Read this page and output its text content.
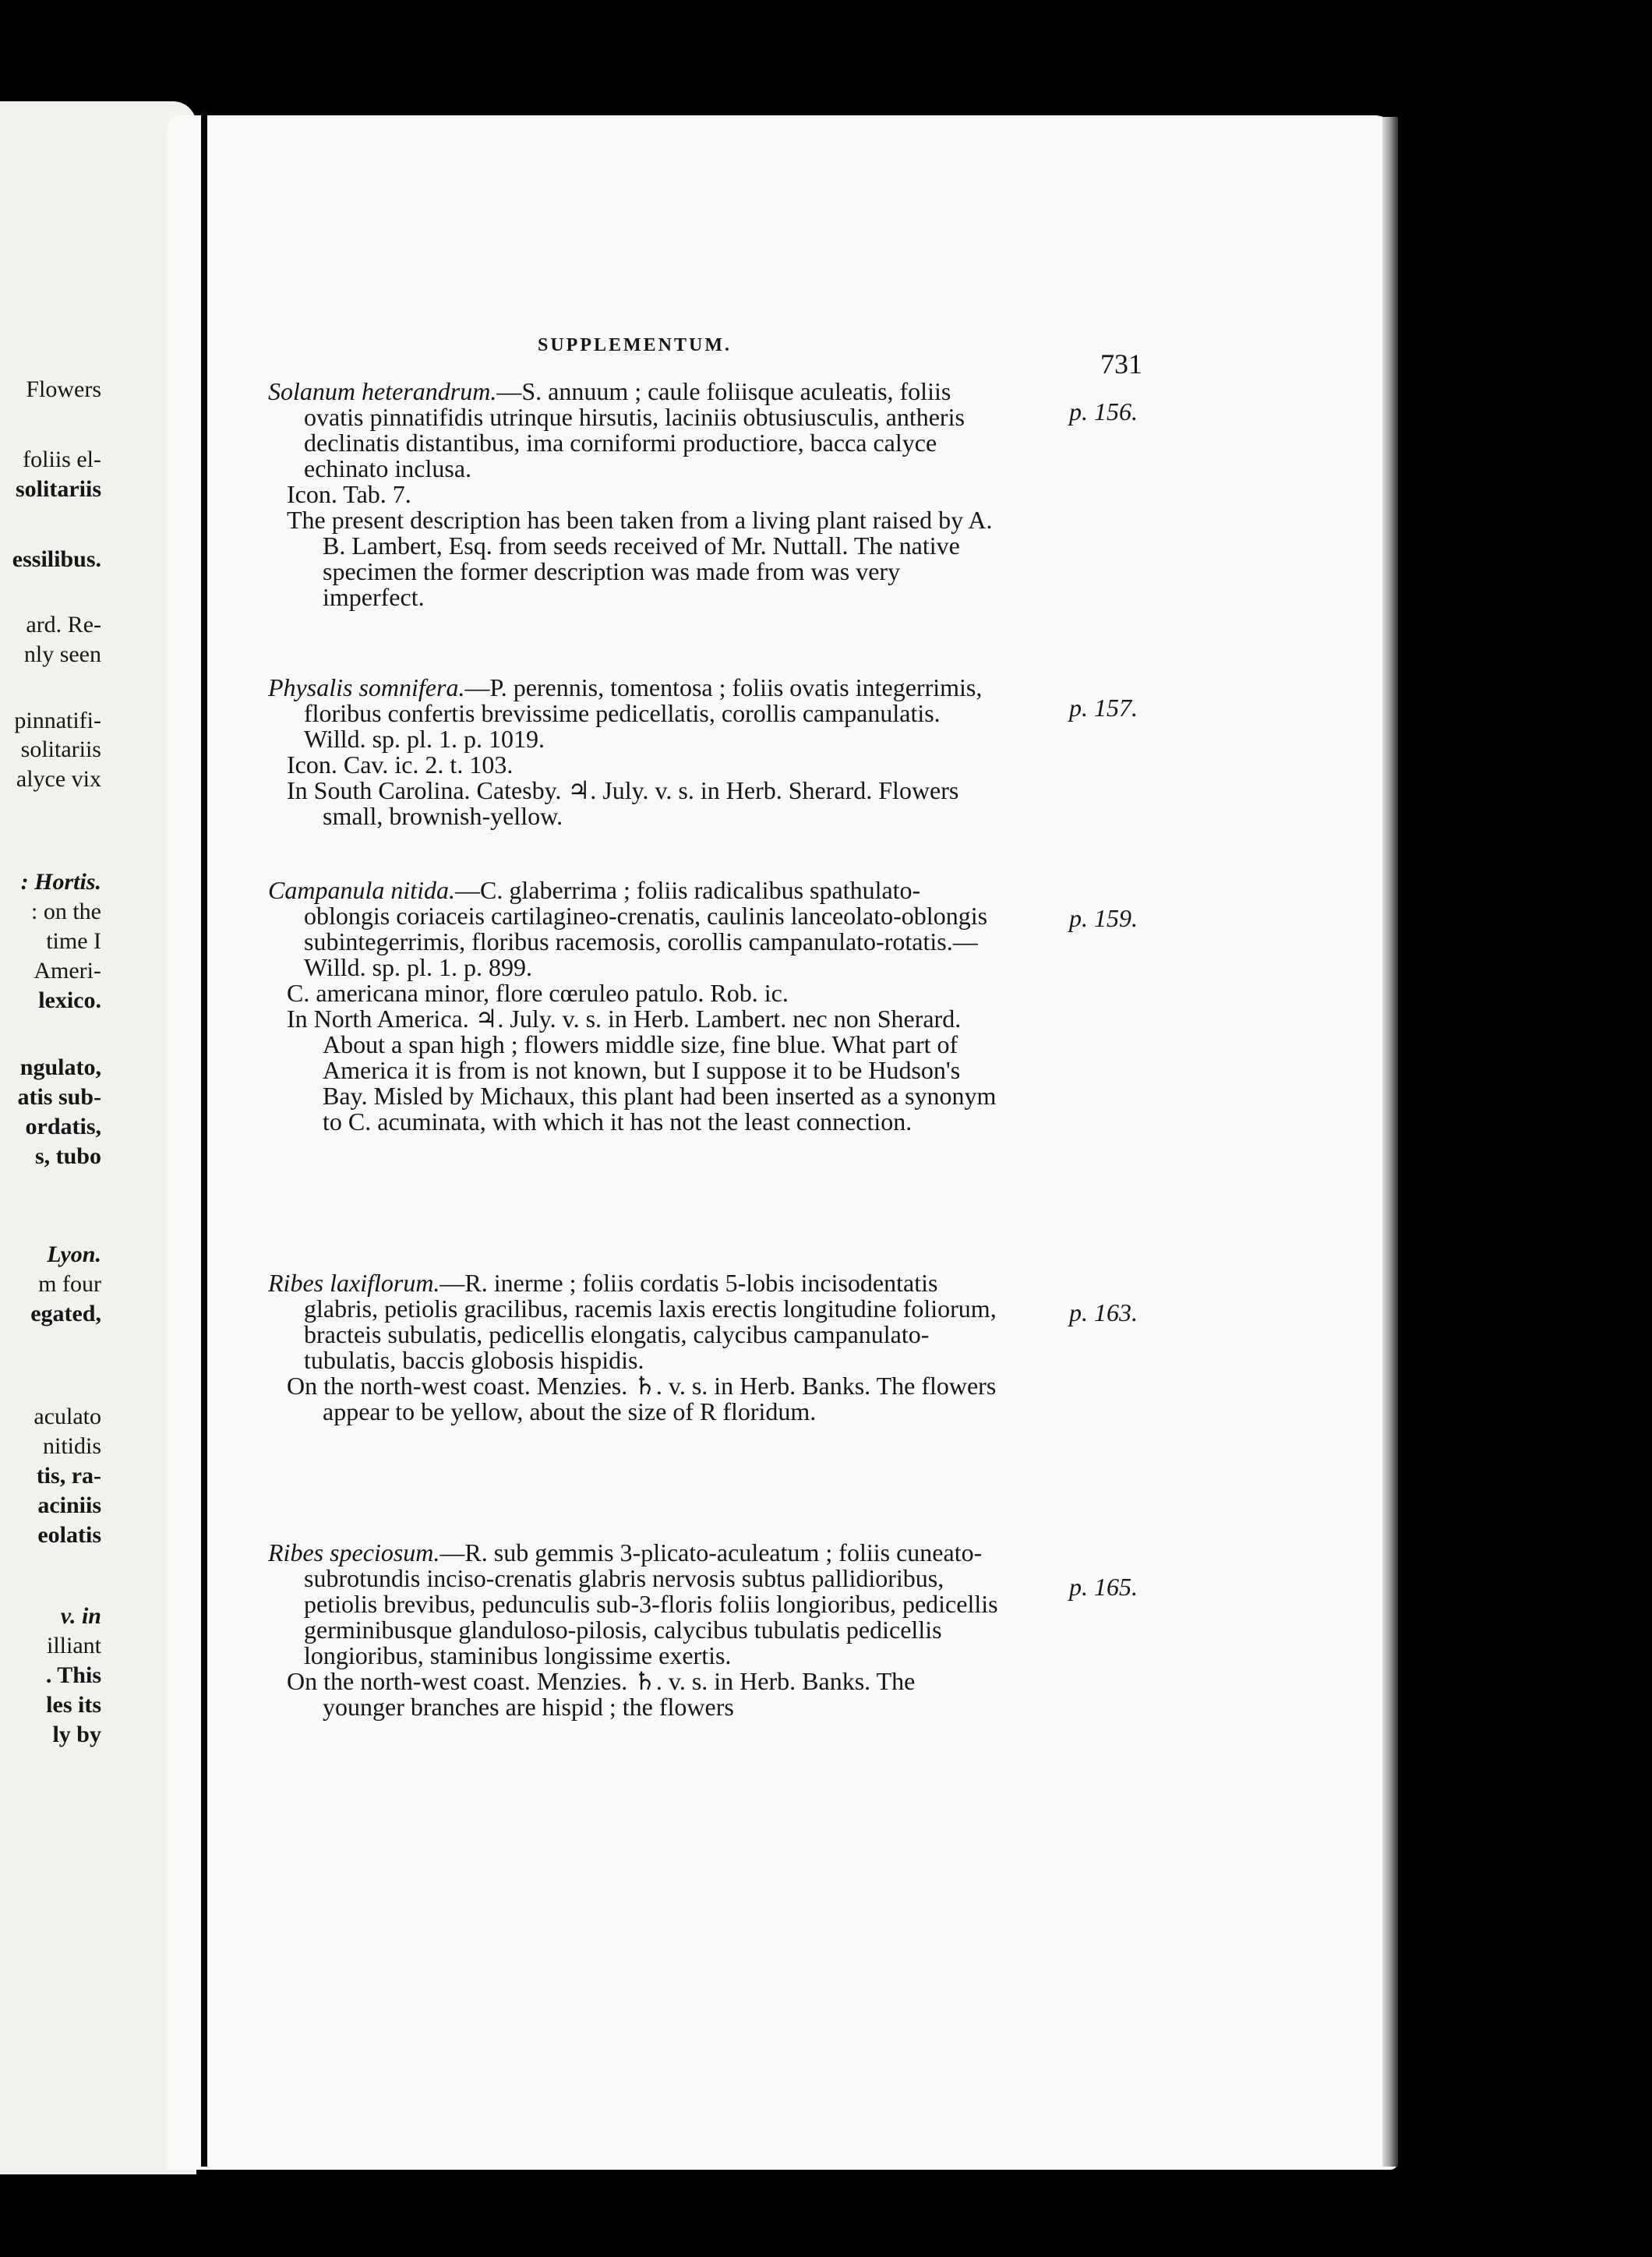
Flowers
foliis el-
solitariis
essilibus.
ard. Re-
nly seen
pinnatifi-
solitariis
alyce vix
: Hortis.
: on the
time I
Ameri-
lexico.
ngulato,
atis sub-
ordatis,
s, tubo
Lyon.
m four
egated,
aculato
nitidis
tis, ra-
aciniis
eolatis
v. in
illiant
. This
les its
ly by
SUPPLEMENTUM.
731

Solanum heterandrum.—S. annuum ; caule foliisque aculeatis, foliis ovatis pinnatifidis utrinque hirsutis, laciniis obtusiusculis, antheris declinatis distantibus, ima corniformi productiore, bacca calyce echinato inclusa.

Icon. Tab. 7.

The present description has been taken from a living plant raised by A. B. Lambert, Esq. from seeds received of Mr. Nuttall. The native specimen the former description was made from was very imperfect.

p. 156.

Physalis somnifera.—P. perennis, tomentosa ; foliis ovatis integerrimis, floribus confertis brevissime pedicellatis, corollis campanulatis. Willd. sp. pl. 1. p. 1019.

Icon. Cav. ic. 2. t. 103.

In South Carolina. Catesby. ♃. July. v. s. in Herb. Sherard. Flowers small, brownish-yellow.

p. 157.

Campanula nitida.—C. glaberrima ; foliis radicalibus spathulato-oblongis coriaceis cartilagineo-crenatis, caulinis lanceolato-oblongis subintegerrimis, floribus racemosis, corollis campanulato-rotatis.— Willd. sp. pl. 1. p. 899.

C. americana minor, flore cœruleo patulo. Rob. ic.

In North America. ♃. July. v. s. in Herb. Lambert. nec non Sherard. About a span high ; flowers middle size, fine blue. What part of America it is from is not known, but I suppose it to be Hudson's Bay. Misled by Michaux, this plant had been inserted as a synonym to C. acuminata, with which it has not the least connection.

p. 159.

Ribes laxiflorum.—R. inerme ; foliis cordatis 5-lobis incisodentatis glabris, petiolis gracilibus, racemis laxis erectis longitudine foliorum, bracteis subulatis, pedicellis elongatis, calycibus campanulato-tubulatis, baccis globosis hispidis.

On the north-west coast. Menzies. ♄. v. s. in Herb. Banks. The flowers appear to be yellow, about the size of R floridum.

p. 163.

Ribes speciosum.—R. sub gemmis 3-plicato-aculeatum ; foliis cuneato-subrotundis inciso-crenatis glabris nervosis subtus pallidioribus, petiolis brevibus, pedunculis sub-3-floris foliis longioribus, pedicellis germinibusque glanduloso-pilosis, calycibus tubulatis pedicellis longioribus, staminibus longissime exertis.

On the north-west coast. Menzies. ♄. v. s. in Herb. Banks. The younger branches are hispid ; the flowers

p. 165.
